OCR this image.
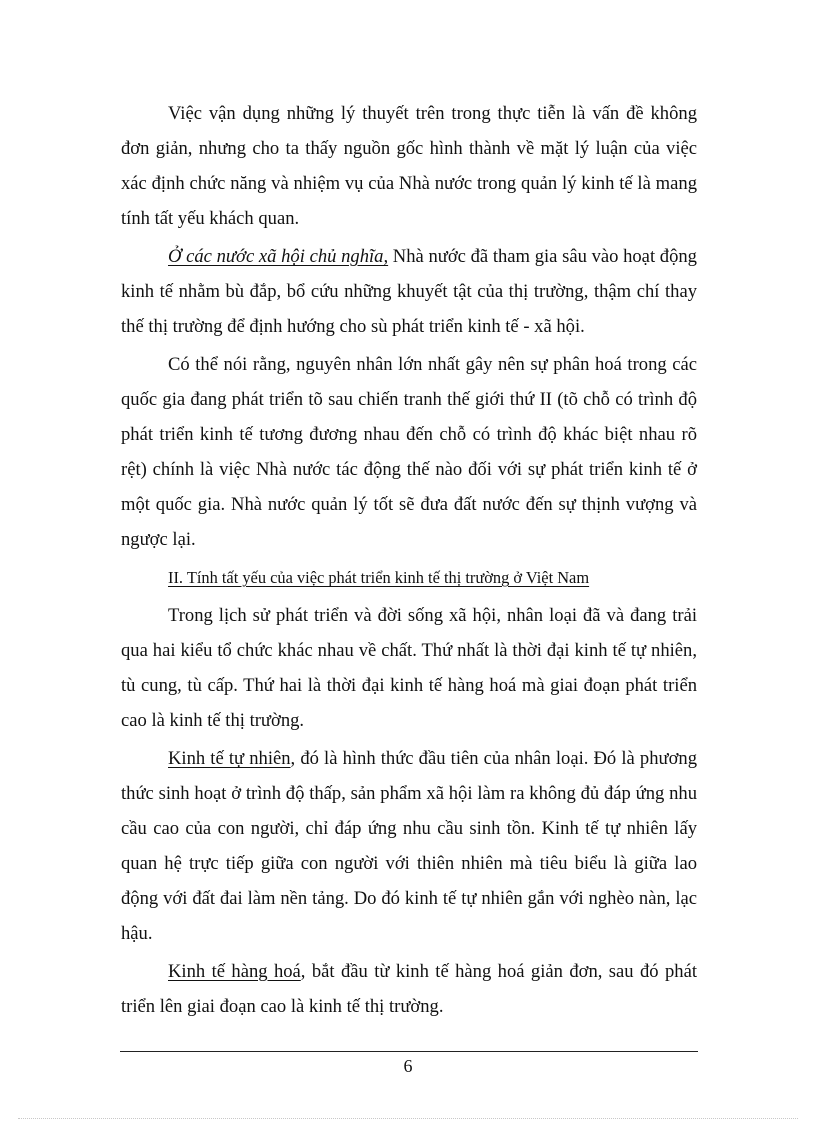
Việc vận dụng những lý thuyết trên trong thực tiễn là vấn đề không đơn giản, nhưng cho ta thấy nguồn gốc hình thành về mặt lý luận của việc xác định chức năng và nhiệm vụ của Nhà nước trong quản lý kinh tế là mang tính tất yếu khách quan.

Ở các nước xã hội chủ nghĩa, Nhà nước đã tham gia sâu vào hoạt động kinh tế nhằm bù đắp, bổ cứu những khuyết tật của thị trường, thậm chí thay thế thị trường để định hướng cho sù phát triển kinh tế - xã hội.

Có thể nói rằng, nguyên nhân lớn nhất gây nên sự phân hoá trong các quốc gia đang phát triển tõ sau chiến tranh thế giới thứ II (tõ chỗ có trình độ phát triển kinh tế tương đương nhau đến chỗ có trình độ khác biệt nhau rõ rệt) chính là việc Nhà nước tác động thế nào đối với sự phát triển kinh tế ở một quốc gia. Nhà nước quản lý tốt sẽ đưa đất nước đến sự thịnh vượng và ngược lại.

II. Tính tất yếu của việc phát triển kinh tế thị trường ở Việt Nam

Trong lịch sử phát triển và đời sống xã hội, nhân loại đã và đang trải qua hai kiểu tổ chức khác nhau về chất. Thứ nhất là thời đại kinh tế tự nhiên, tù cung, tù cấp. Thứ hai là thời đại kinh tế hàng hoá mà giai đoạn phát triển cao là kinh tế thị trường.

Kinh tế tự nhiên, đó là hình thức đầu tiên của nhân loại. Đó là phương thức sinh hoạt ở trình độ thấp, sản phẩm xã hội làm ra không đủ đáp ứng nhu cầu cao của con người, chỉ đáp ứng nhu cầu sinh tồn. Kinh tế tự nhiên lấy quan hệ trực tiếp giữa con người với thiên nhiên mà tiêu biểu là giữa lao động với đất đai làm nền tảng. Do đó kinh tế tự nhiên gắn với nghèo nàn, lạc hậu.

Kinh tế hàng hoá, bắt đầu từ kinh tế hàng hoá giản đơn, sau đó phát triển lên giai đoạn cao là kinh tế thị trường.

6
